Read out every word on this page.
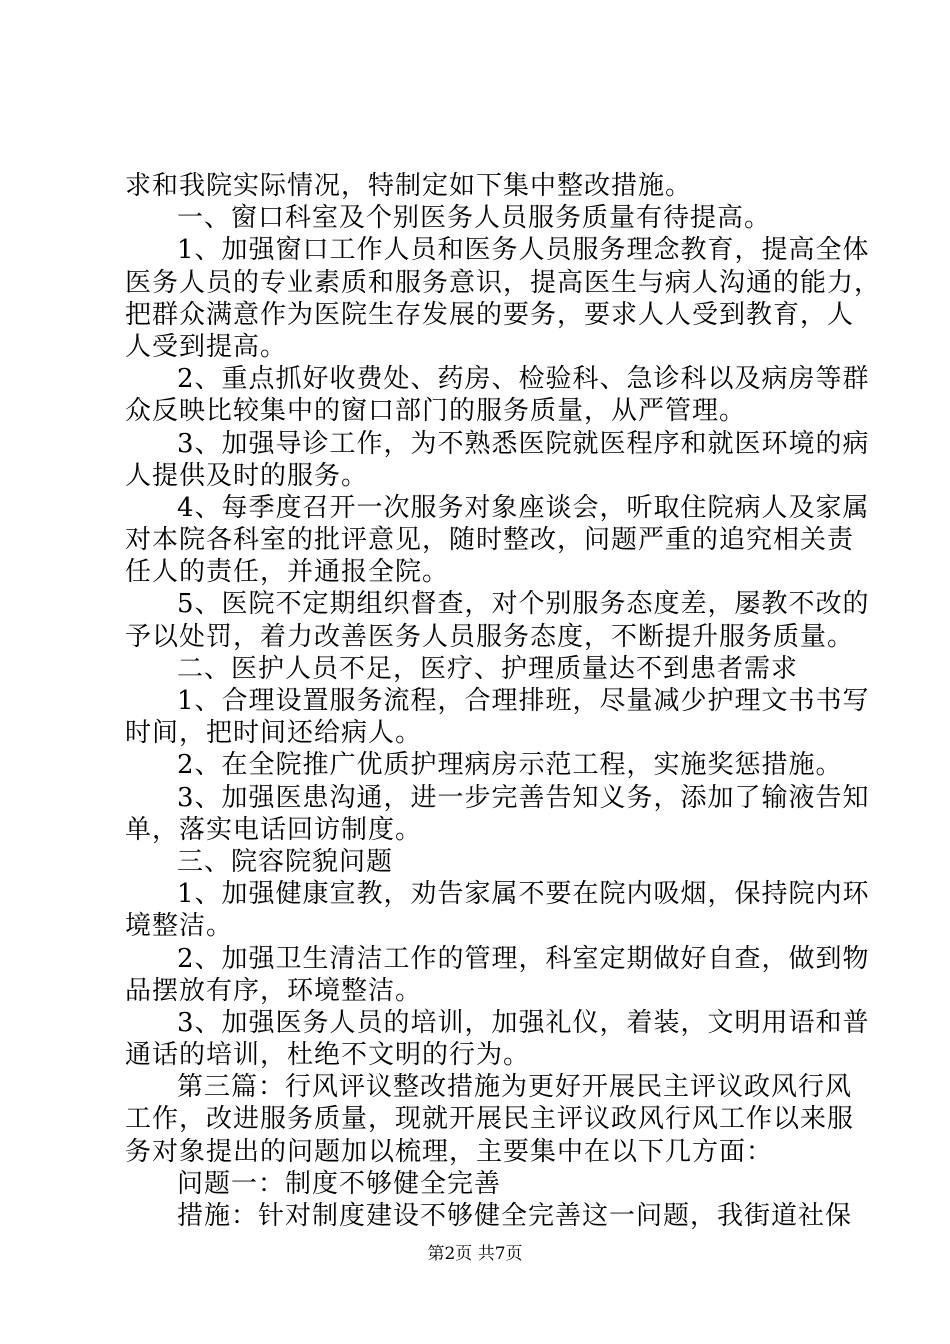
求和我院实际情况，特制定如下集中整改措施。
一、窗口科室及个别医务人员服务质量有待提高。
1、加强窗口工作人员和医务人员服务理念教育，提高全体
医务人员的专业素质和服务意识，提高医生与病人沟通的能力，
把群众满意作为医院生存发展的要务，要求人人受到教育，人
人受到提高。
2、重点抓好收费处、药房、检验科、急诊科以及病房等群
众反映比较集中的窗口部门的服务质量，从严管理。
3、加强导诊工作，为不熟悉医院就医程序和就医环境的病
人提供及时的服务。
4、每季度召开一次服务对象座谈会，听取住院病人及家属
对本院各科室的批评意见，随时整改，问题严重的追究相关责
任人的责任，并通报全院。
5、医院不定期组织督查，对个别服务态度差，屡教不改的
予以处罚，着力改善医务人员服务态度，不断提升服务质量。
二、医护人员不足，医疗、护理质量达不到患者需求
1、合理设置服务流程，合理排班，尽量减少护理文书书写
时间，把时间还给病人。
2、在全院推广优质护理病房示范工程，实施奖惩措施。
3、加强医患沟通，进一步完善告知义务，添加了输液告知
单，落实电话回访制度。
三、院容院貌问题
1、加强健康宣教，劝告家属不要在院内吸烟，保持院内环
境整洁。
2、加强卫生清洁工作的管理，科室定期做好自查，做到物
品摆放有序，环境整洁。
3、加强医务人员的培训，加强礼仪，着装，文明用语和普
通话的培训，杜绝不文明的行为。
第三篇：行风评议整改措施为更好开展民主评议政风行风
工作，改进服务质量，现就开展民主评议政风行风工作以来服
务对象提出的问题加以梳理，主要集中在以下几方面：
问题一：制度不够健全完善
措施：针对制度建设不够健全完善这一问题，我街道社保
第2页 共7页
